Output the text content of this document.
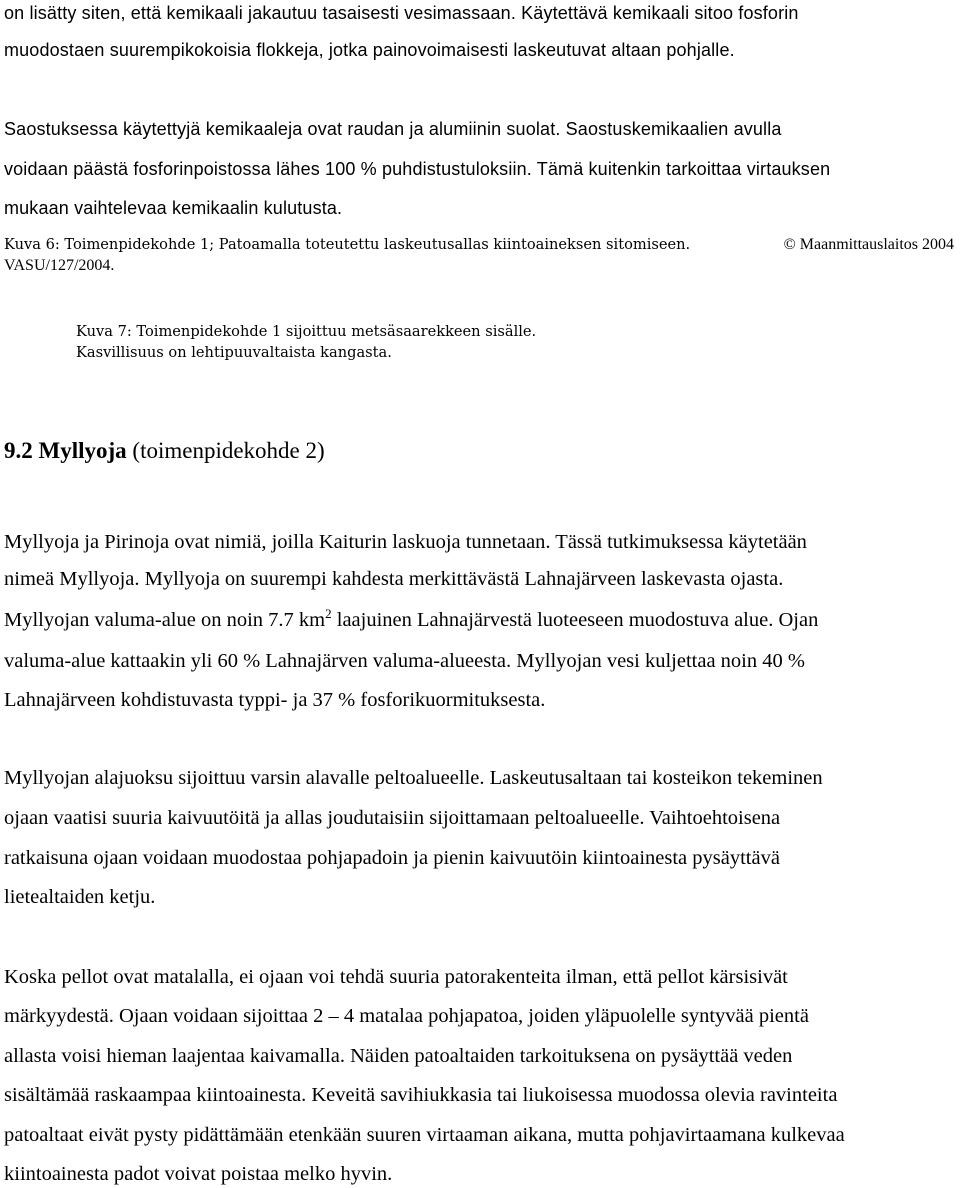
on lisätty siten, että kemikaali jakautuu tasaisesti vesimassaan. Käytettävä kemikaali sitoo fosforin
muodostaen suurempikokoisia flokkeja, jotka painovoimaisesti laskeutuvat altaan pohjalle.
Saostuksessa käytettyjä kemikaaleja ovat raudan ja alumiinin suolat. Saostuskemikaalien avulla
voidaan päästä fosforinpoistossa lähes 100 % puhdistustuloksiin. Tämä kuitenkin tarkoittaa virtauksen
mukaan vaihtelevaa kemikaalin kulutusta.
Kuva 6: Toimenpidekohde 1; Patoamalla toteutettu laskeutusallas kiintoaineksen sitomiseen.	© Maanmittauslaitos 2004
VASU/127/2004.
Kuva 7: Toimenpidekohde 1 sijoittuu metsäsaarekkeen sisälle.
Kasvillisuus on lehtipuuvaltaista kangasta.
9.2 Myllyoja (toimenpidekohde 2)
Myllyoja ja Pirinoja ovat nimiä, joilla Kaiturin laskuoja tunnetaan. Tässä tutkimuksessa käytetään
nimeä Myllyoja. Myllyoja on suurempi kahdesta merkittävästä Lahnajärveen laskevasta ojasta.
Myllyojan valuma-alue on noin 7.7 $km^2$ laajuinen Lahnajärvestä luoteeseen muodostuva alue. Ojan
valuma-alue kattaakin yli 60 % Lahnajärven valuma-alueesta. Myllyojan vesi kuljettaa noin 40 %
Lahnajärveen kohdistuvasta typpi- ja 37 % fosforikuormituksesta.
Myllyojan alajuoksu sijoittuu varsin alavalle peltoalueelle. Laskeutusaltaan tai kosteikon tekeminen
ojaan vaatisi suuria kaivuutöitä ja allas joudutaisiin sijoittamaan peltoalueelle. Vaihtoehtoisena
ratkaisuna ojaan voidaan muodostaa pohjapadoin ja pienin kaivuutöin kiintoainesta pysäyttävä
lietealtaiden ketju.
Koska pellot ovat matalalla, ei ojaan voi tehdä suuria patorakenteita ilman, että pellot kärsisivät
märkyydestä. Ojaan voidaan sijoittaa 2 – 4 matalaa pohjapatoa, joiden yläpuolelle syntyvää pientä
allasta voisi hieman laajentaa kaivamalla. Näiden patoaltaiden tarkoituksena on pysäyttää veden
sisältämää raskaampaa kiintoainesta. Keveitä savihiukkasia tai liukoisessa muodossa olevia ravinteita
patoaltaat eivät pysty pidättämään etenkään suuren virtaaman aikana, mutta pohjavirtaamana kulkevaa
kiintoainesta padot voivat poistaa melko hyvin.
